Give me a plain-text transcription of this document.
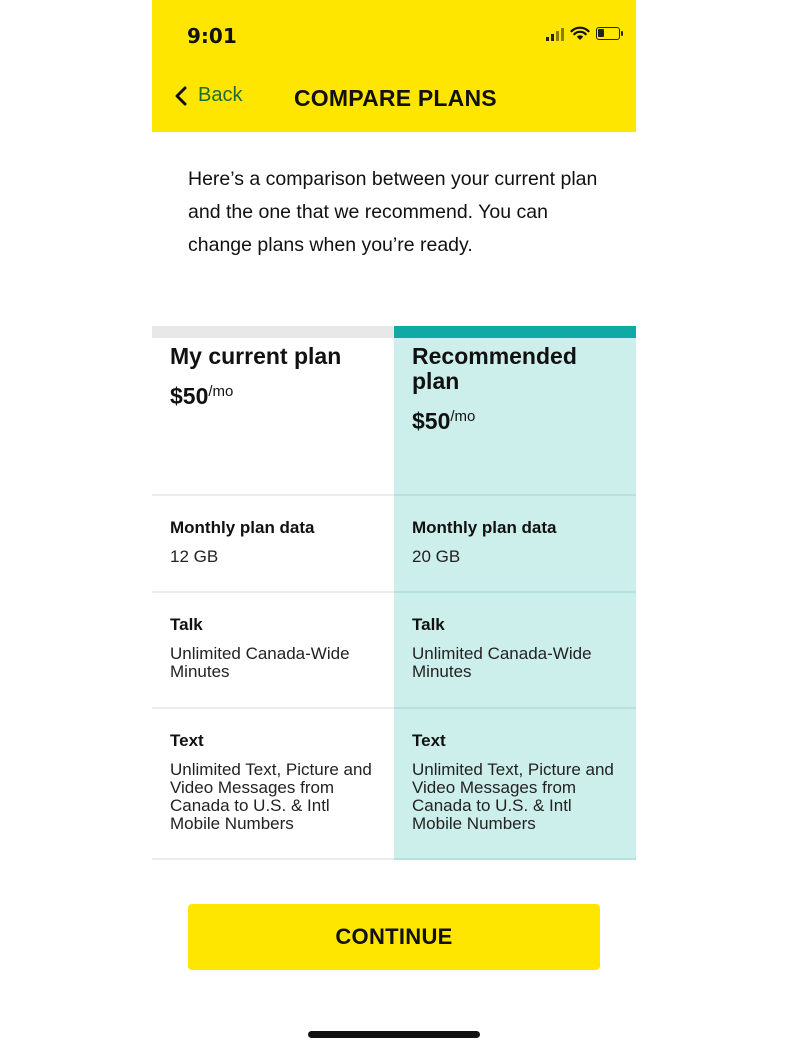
9:01
Back COMPARE PLANS

Here’s a comparison between your current plan and the one that we recommend. You can change plans when you’re ready.

My current plan
$50/mo
Monthly plan data
12 GB
Talk
Unlimited Canada-Wide Minutes
Text
Unlimited Text, Picture and Video Messages from Canada to U.S. & Intl Mobile Numbers
Recommended plan
$50/mo
Monthly plan data
20 GB
Talk
Unlimited Canada-Wide Minutes
Text
Unlimited Text, Picture and Video Messages from Canada to U.S. & Intl Mobile Numbers
CONTINUE
